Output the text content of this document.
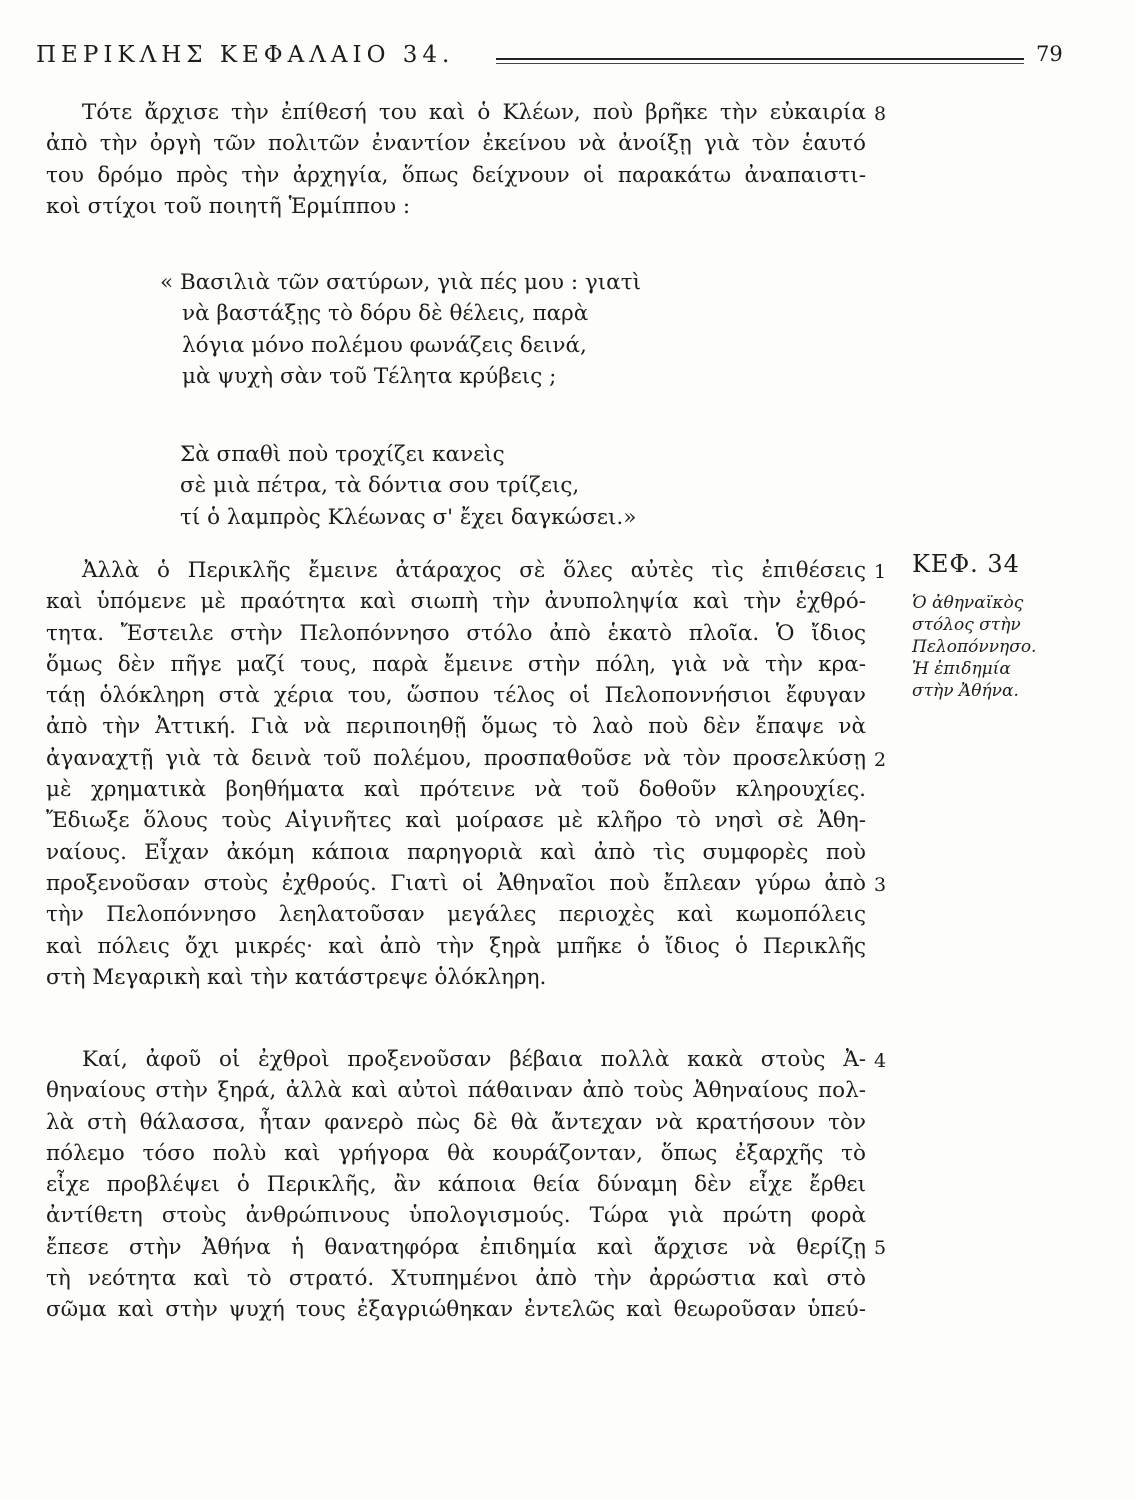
ΠΕΡΙΚΛΗΣ ΚΕΦΑΛΑΙΟ 34.	79
Τότε ἄρχισε τὴν ἐπίθεσή του καὶ ὁ Κλέων, ποὺ βρῆκε τὴν εὐκαιρία
ἀπὸ τὴν ὀργὴ τῶν πολιτῶν ἐναντίον ἐκείνου νὰ ἀνοίξῃ γιὰ τὸν ἑαυτό
του δρόμο πρὸς τὴν ἀρχηγία, ὅπως δείχνουν οἱ παρακάτω ἀναπαιστι-
κοὶ στίχοι τοῦ ποιητῆ Ἑρμίππου :
« Βασιλιὰ τῶν σατύρων, γιὰ πές μου : γιατὶ
νὰ βαστάξῃς τὸ δόρυ δὲ θέλεις, παρὰ
λόγια μόνο πολέμου φωνάζεις δεινά,
μὰ ψυχὴ σὰν τοῦ Τέλητα κρύβεις ;
Σὰ σπαθὶ ποὺ τροχίζει κανεὶς
σὲ μιὰ πέτρα, τὰ δόντια σου τρίζεις,
τί ὁ λαμπρὸς Κλέωνας σ' ἔχει δαγκώσει.»
Ἀλλὰ ὁ Περικλῆς ἔμεινε ἀτάραχος σὲ ὅλες αὐτὲς τὶς ἐπιθέσεις
καὶ ὑπόμενε μὲ πραότητα καὶ σιωπὴ τὴν ἀνυποληψία καὶ τὴν ἐχθρό-
τητα. Ἔστειλε στὴν Πελοπόννησο στόλο ἀπὸ ἑκατὸ πλοῖα. Ὁ ἴδιος
ὅμως δὲν πῆγε μαζί τους, παρὰ ἔμεινε στὴν πόλη, γιὰ νὰ τὴν κρα-
τάῃ ὁλόκληρη στὰ χέρια του, ὥσπου τέλος οἱ Πελοποννήσιοι ἔφυγαν
ἀπὸ τὴν Ἀττική. Γιὰ νὰ περιποιηθῇ ὅμως τὸ λαὸ ποὺ δὲν ἔπαψε νὰ
ἀγαναχτῇ γιὰ τὰ δεινὰ τοῦ πολέμου, προσπαθοῦσε νὰ τὸν προσελκύσῃ
μὲ χρηματικὰ βοηθήματα καὶ πρότεινε νὰ τοῦ δοθοῦν κληρουχίες.
Ἔδιωξε ὅλους τοὺς Αἰγινῆτες καὶ μοίρασε μὲ κλῆρο τὸ νησὶ σὲ Ἀθη-
ναίους. Εἶχαν ἀκόμη κάποια παρηγοριὰ καὶ ἀπὸ τὶς συμφορὲς ποὺ
προξενοῦσαν στοὺς ἐχθρούς. Γιατὶ οἱ Ἀθηναῖοι ποὺ ἔπλεαν γύρω ἀπὸ
τὴν Πελοπόννησο λεηλατοῦσαν μεγάλες περιοχὲς καὶ κωμοπόλεις
καὶ πόλεις ὄχι μικρές· καὶ ἀπὸ τὴν ξηρὰ μπῆκε ὁ ἴδιος ὁ Περικλῆς
στὴ Μεγαρικὴ καὶ τὴν κατάστρεψε ὁλόκληρη.
Καί, ἀφοῦ οἱ ἐχθροὶ προξενοῦσαν βέβαια πολλὰ κακὰ στοὺς Ἀ-
θηναίους στὴν ξηρά, ἀλλὰ καὶ αὐτοὶ πάθαιναν ἀπὸ τοὺς Ἀθηναίους πολ-
λὰ στὴ θάλασσα, ἦταν φανερὸ πὼς δὲ θὰ ἄντεχαν νὰ κρατήσουν τὸν
πόλεμο τόσο πολὺ καὶ γρήγορα θὰ κουράζονταν, ὅπως ἐξαρχῆς τὸ
εἶχε προβλέψει ὁ Περικλῆς, ἂν κάποια θεία δύναμη δὲν εἶχε ἔρθει
ἀντίθετη στοὺς ἀνθρώπινους ὑπολογισμούς. Τώρα γιὰ πρώτη φορὰ
ἔπεσε στὴν Ἀθήνα ἡ θανατηφόρα ἐπιδημία καὶ ἄρχισε νὰ θερίζῃ
τὴ νεότητα καὶ τὸ στρατό. Χτυπημένοι ἀπὸ τὴν ἀρρώστια καὶ στὸ
σῶμα καὶ στὴν ψυχή τους ἐξαγριώθηκαν ἐντελῶς καὶ θεωροῦσαν ὑπεύ-
8
1
2
3
4
5
ΚΕΦ. 34
Ὁ ἀθηναϊκὸς
στόλος στὴν
Πελοπόννησο.
Ἡ ἐπιδημία
στὴν Ἀθήνα.
